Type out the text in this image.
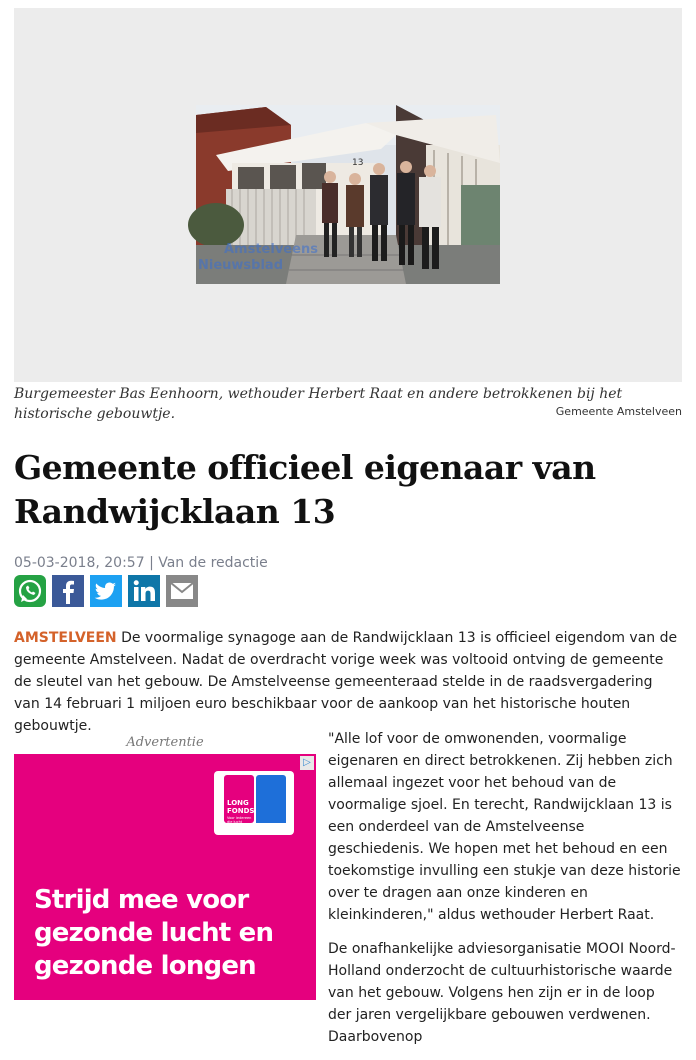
13
Amstelveens
Nieuwsblad
Burgemeester Bas Eenhoorn, wethouder Herbert Raat en andere betrokkenen bij het historische gebouwtje.	Gemeente Amstelveen
Gemeente officieel eigenaar van Randwijcklaan 13
05-03-2018, 20:57 | Van de redactie

AMSTELVEEN De voormalige synagoge aan de Randwijcklaan 13 is officieel eigendom van de gemeente Amstelveen. Nadat de overdracht vorige week was voltooid ontving de gemeente de sleutel van het gebouw. De Amstelveense gemeenteraad stelde in de raadsvergadering van 14 februari 1 miljoen euro beschikbaar voor de aankoop van het historische houten gebouwtje.

Advertentie
▷
LONG
FONDS
Voor iedereen
die lucht
Strijd mee voor gezonde lucht en gezonde longen

"Alle lof voor de omwonenden, voormalige eigenaren en direct betrokkenen. Zij hebben zich allemaal ingezet voor het behoud van de voormalige sjoel. En terecht, Randwijcklaan 13 is een onderdeel van de Amstelveense geschiedenis. We hopen met het behoud en een toekomstige invulling een stukje van deze historie over te dragen aan onze kinderen en kleinkinderen," aldus wethouder Herbert Raat.

De onafhankelijke adviesorganisatie MOOI Noord-Holland onderzocht de cultuurhistorische waarde van het gebouw. Volgens hen zijn er in de loop der jaren vergelijkbare gebouwen verdwenen. Daarbovenop
